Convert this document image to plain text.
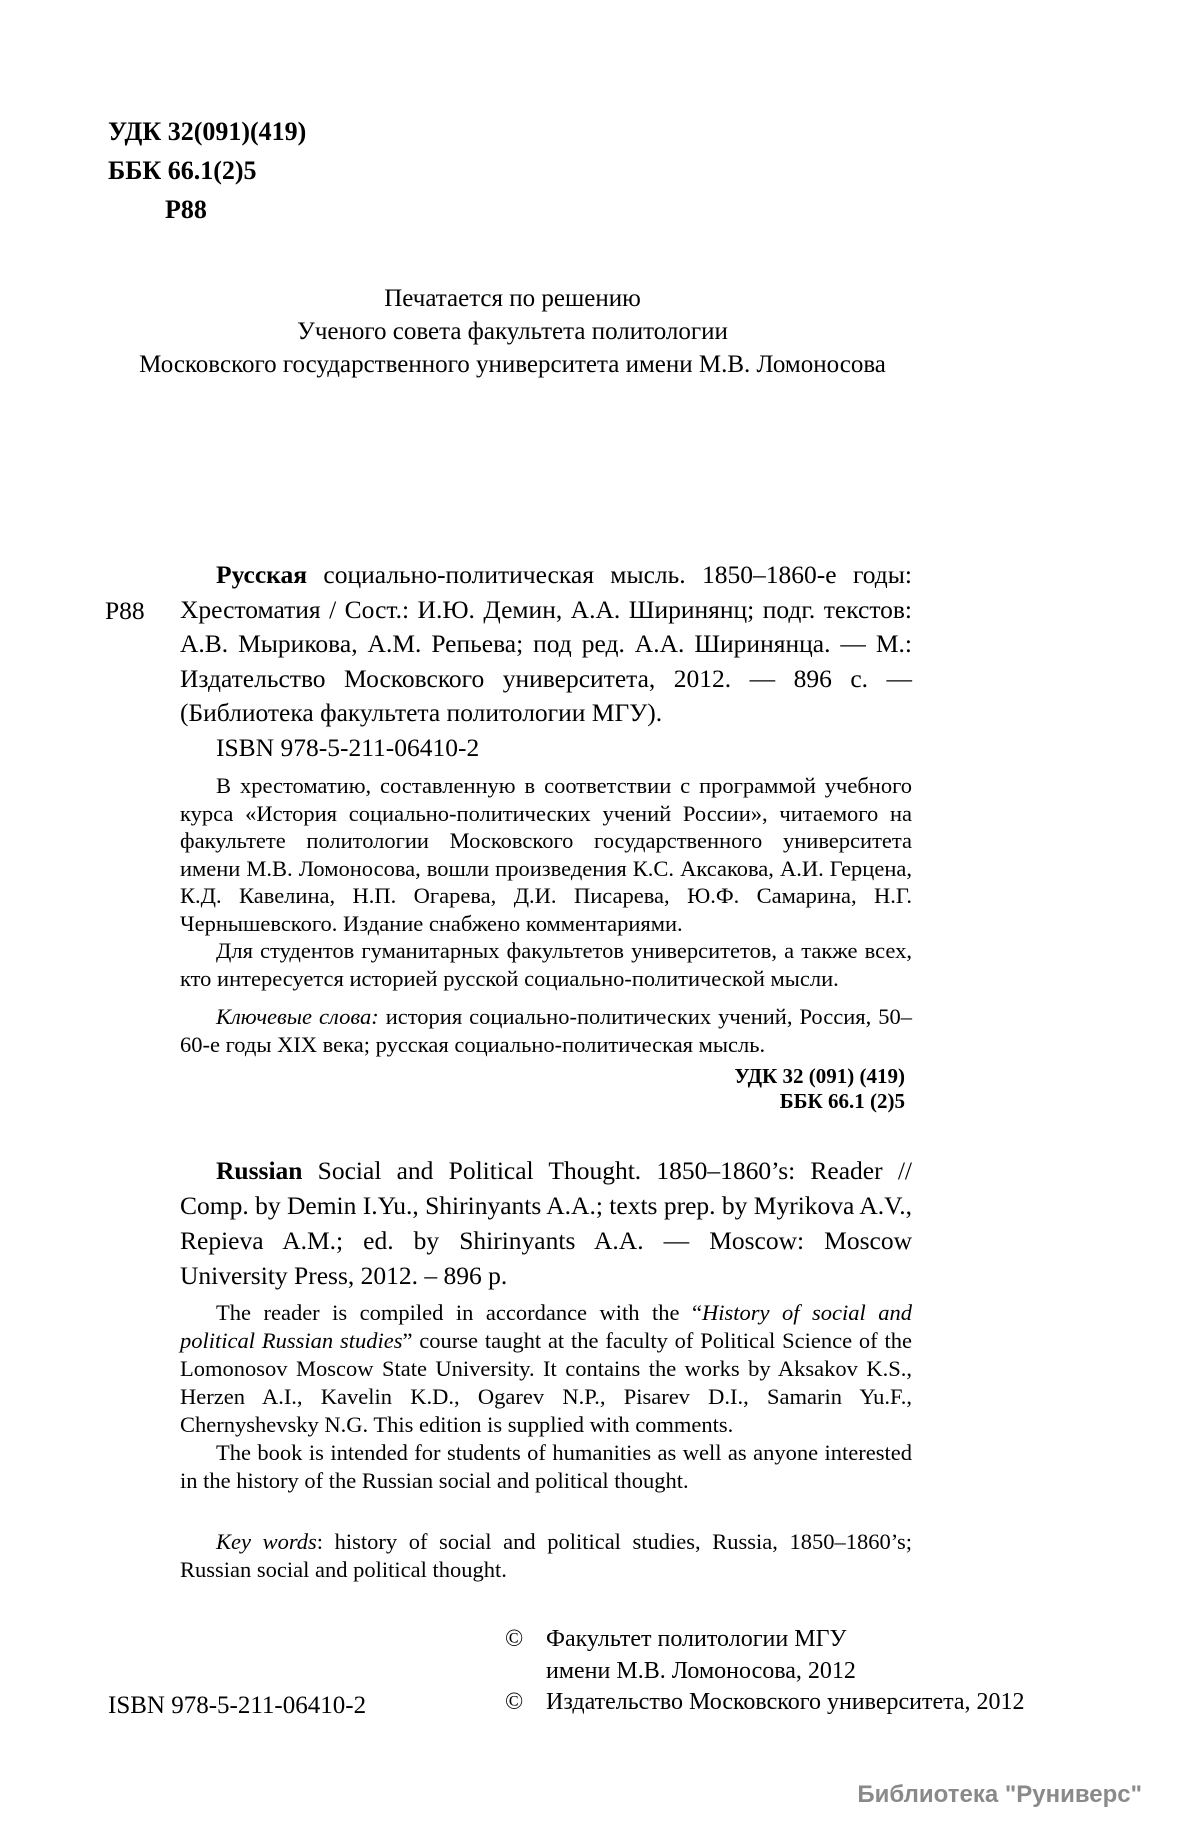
УДК 32(091)(419)
ББК 66.1(2)5
Р88
Печатается по решению
Ученого совета факультета политологии
Московского государственного университета имени М.В. Ломоносова
Р88

Русская социально-политическая мысль. 1850–1860-е годы: Хрестоматия / Сост.: И.Ю. Демин, А.А. Ширинянц; подг. текстов: А.В. Мырикова, А.М. Репьева; под ред. А.А. Ширинянца. — М.: Издательство Московского университета, 2012. — 896 с. — (Библиотека факультета политологии МГУ).

ISBN 978-5-211-06410-2

В хрестоматию, составленную в соответствии с программой учебного курса «История социально-политических учений России», читаемого на факультете политологии Московского государственного университета имени М.В. Ломоносова, вошли произведения К.С. Аксакова, А.И. Герцена, К.Д. Кавелина, Н.П. Огарева, Д.И. Писарева, Ю.Ф. Самарина, Н.Г. Чернышевского. Издание снабжено комментариями.

Для студентов гуманитарных факультетов университетов, а также всех, кто интересуется историей русской социально-политической мысли.

Ключевые слова: история социально-политических учений, Россия, 50–60-е годы XIX века; русская социально-политическая мысль.

УДК 32 (091) (419)
ББК 66.1 (2)5

Russian Social and Political Thought. 1850–1860’s: Reader // Comp. by Demin I.Yu., Shirinyants A.A.; texts prep. by Myrikova A.V., Repieva A.M.; ed. by Shirinyants A.A. — Moscow: Moscow University Press, 2012. – 896 p.

The reader is compiled in accordance with the “History of social and political Russian studies” course taught at the faculty of Political Science of the Lomonosov Moscow State University. It contains the works by Aksakov K.S., Herzen A.I., Kavelin K.D., Ogarev N.P., Pisarev D.I., Samarin Yu.F., Chernyshevsky N.G. This edition is supplied with comments.

The book is intended for students of humanities as well as anyone interested in the history of the Russian social and political thought.

Key words: history of social and political studies, Russia, 1850–1860’s; Russian social and political thought.

ISBN 978-5-211-06410-2
© Факультет политологии МГУ
имени М.В. Ломоносова, 2012
© Издательство Московского университета, 2012
Библиотека "Руниверс"
